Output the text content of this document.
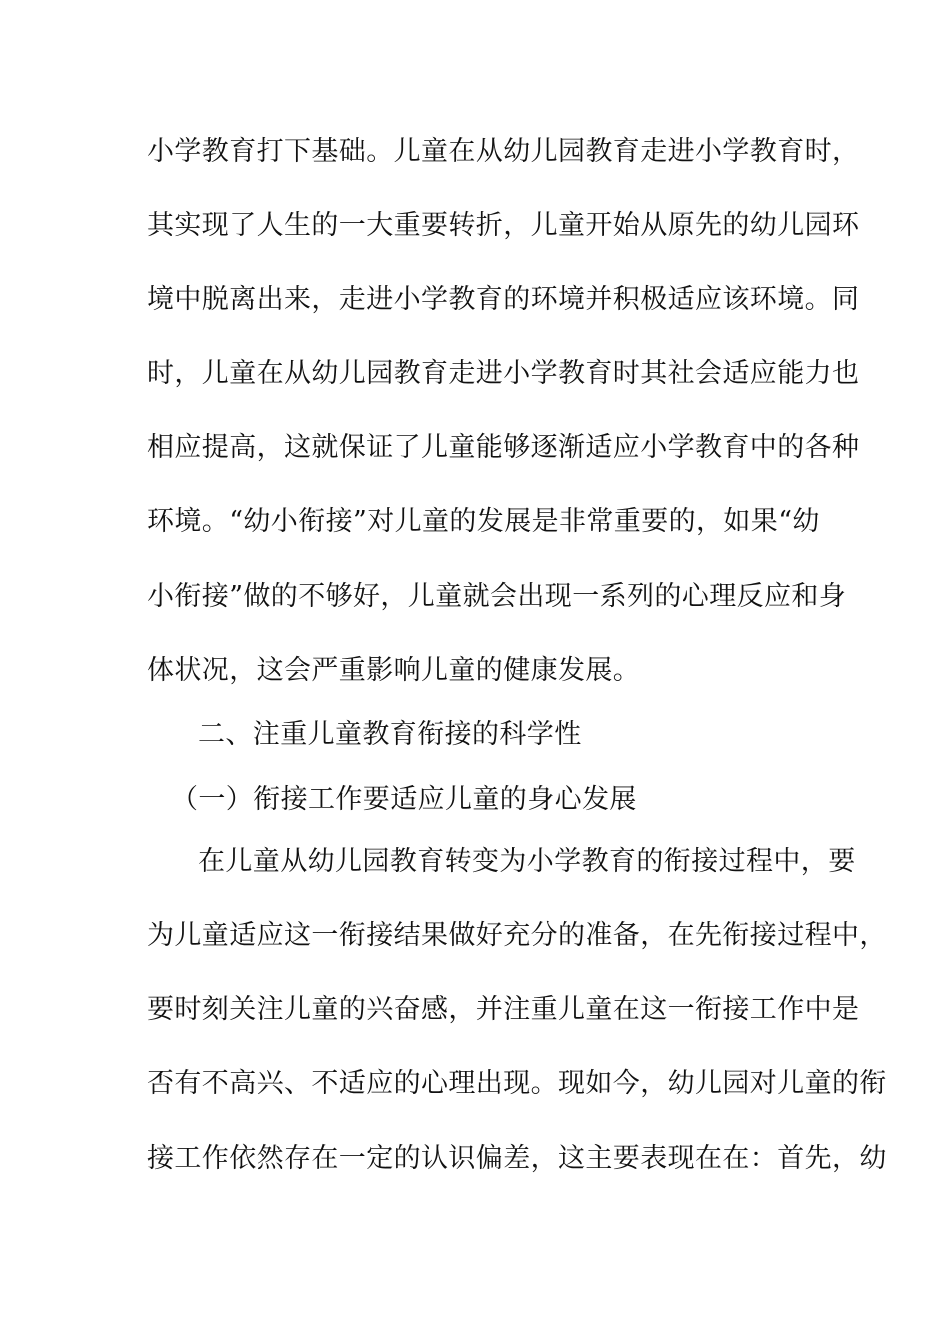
小学教育打下基础。儿童在从幼儿园教育走进小学教育时，
其实现了人生的一大重要转折，儿童开始从原先的幼儿园环
境中脱离出来，走进小学教育的环境并积极适应该环境。同
时，儿童在从幼儿园教育走进小学教育时其社会适应能力也
相应提高，这就保证了儿童能够逐渐适应小学教育中的各种
环境。“幼小衔接”对儿童的发展是非常重要的，如果“幼
小衔接”做的不够好，儿童就会出现一系列的心理反应和身
体状况，这会严重影响儿童的健康发展。
二、注重儿童教育衔接的科学性
（一）衔接工作要适应儿童的身心发展
在儿童从幼儿园教育转变为小学教育的衔接过程中，要
为儿童适应这一衔接结果做好充分的准备，在先衔接过程中，
要时刻关注儿童的兴奋感，并注重儿童在这一衔接工作中是
否有不高兴、不适应的心理出现。现如今，幼儿园对儿童的衔
接工作依然存在一定的认识偏差，这主要表现在在：首先，幼
